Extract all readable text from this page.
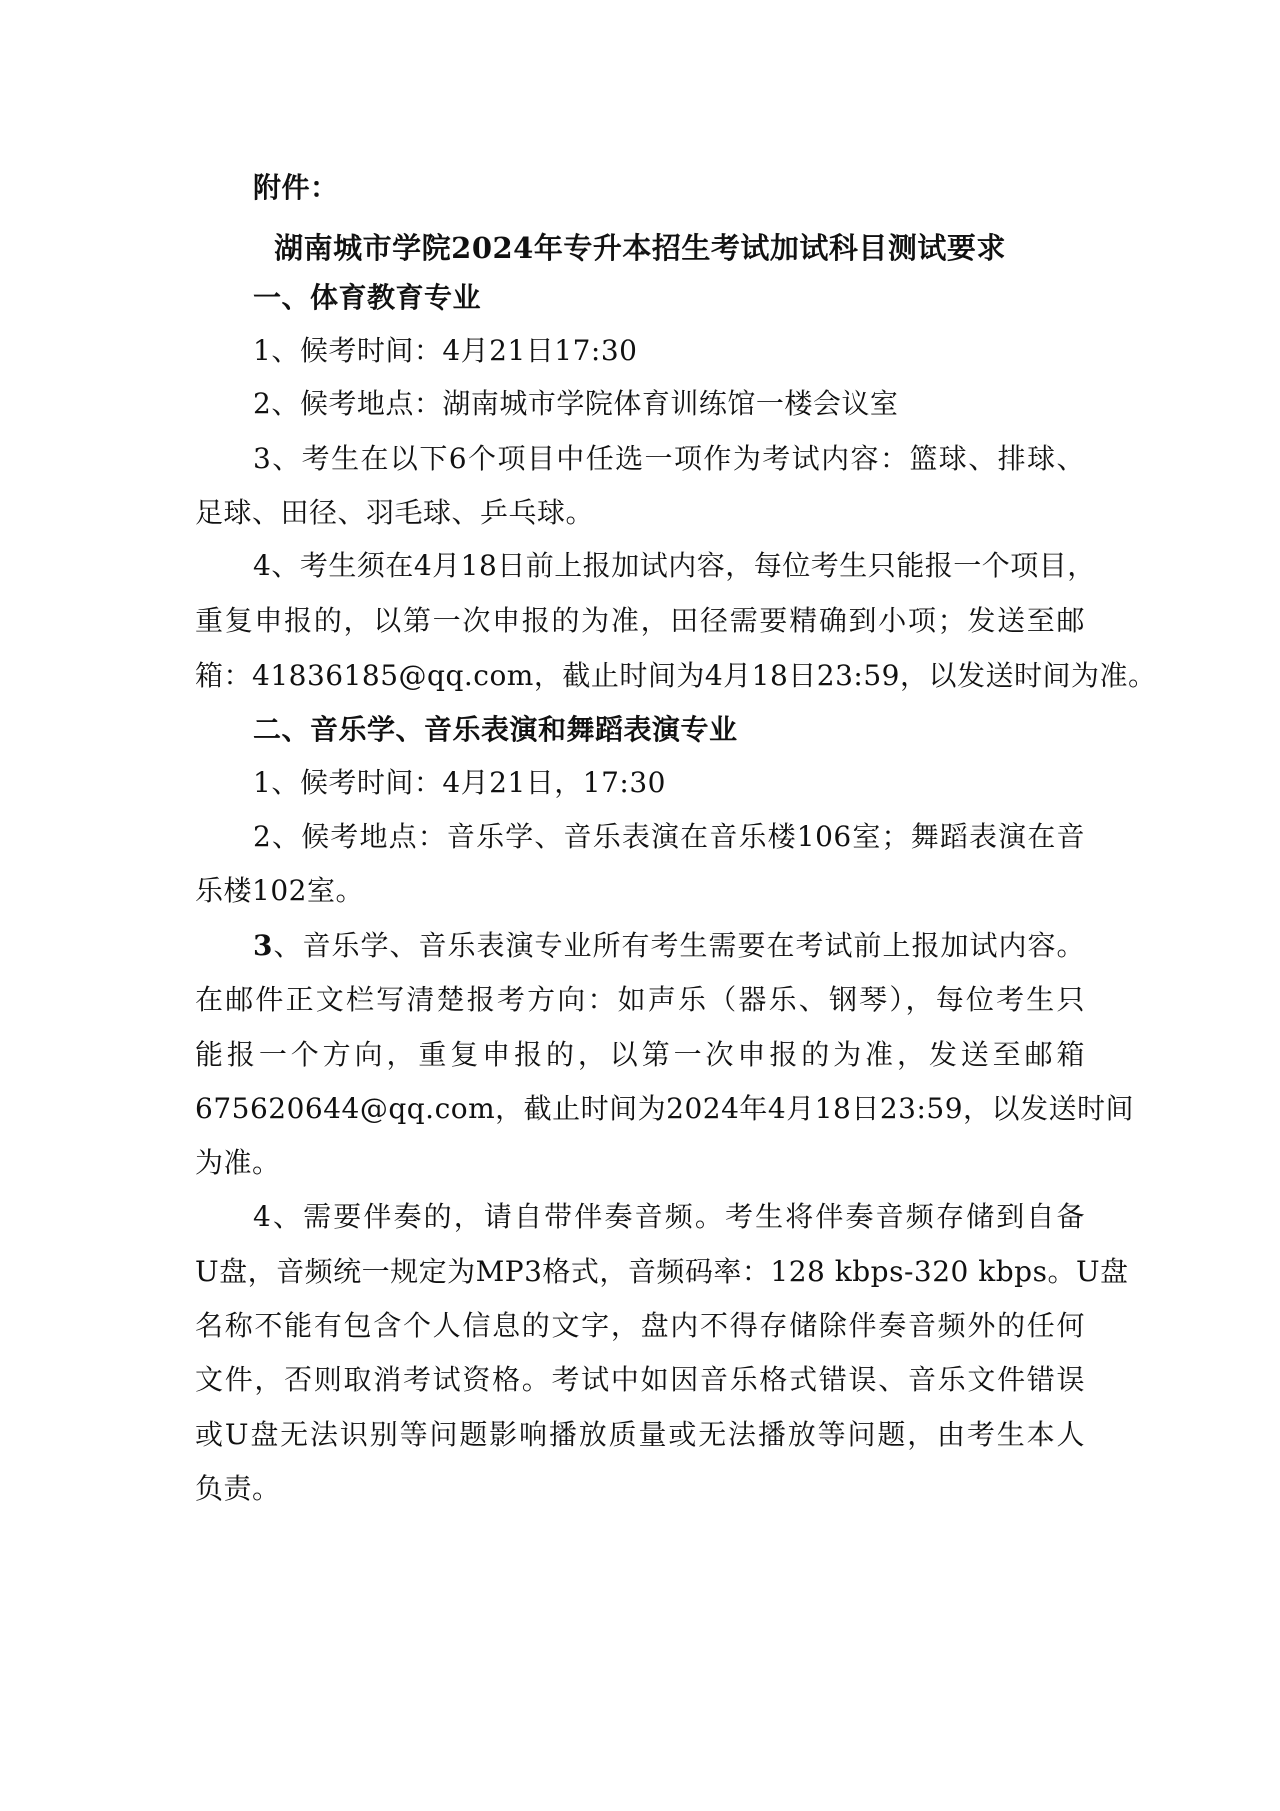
附件：
湖南城市学院2024年专升本招生考试加试科目测试要求
一、体育教育专业
1、候考时间：4月21日17:30
2、候考地点：湖南城市学院体育训练馆一楼会议室
3、考生在以下6个项目中任选一项作为考试内容：篮球、排球、
足球、田径、羽毛球、乒乓球。
4、考生须在4月18日前上报加试内容，每位考生只能报一个项目，
重复申报的，以第一次申报的为准，田径需要精确到小项；发送至邮
箱：41836185@qq.com，截止时间为4月18日23:59，以发送时间为准。
二、音乐学、音乐表演和舞蹈表演专业
1、候考时间：4月21日，17:30
2、候考地点：音乐学、音乐表演在音乐楼106室；舞蹈表演在音
乐楼102室。
3、音乐学、音乐表演专业所有考生需要在考试前上报加试内容。
在邮件正文栏写清楚报考方向：如声乐（器乐、钢琴），每位考生只
能报一个方向，重复申报的，以第一次申报的为准，发送至邮箱
675620644@qq.com，截止时间为2024年4月18日23:59，以发送时间
为准。
4、需要伴奏的，请自带伴奏音频。考生将伴奏音频存储到自备
U盘，音频统一规定为MP3格式，音频码率：128 kbps-320 kbps。U盘
名称不能有包含个人信息的文字，盘内不得存储除伴奏音频外的任何
文件，否则取消考试资格。考试中如因音乐格式错误、音乐文件错误
或U盘无法识别等问题影响播放质量或无法播放等问题，由考生本人
负责。
